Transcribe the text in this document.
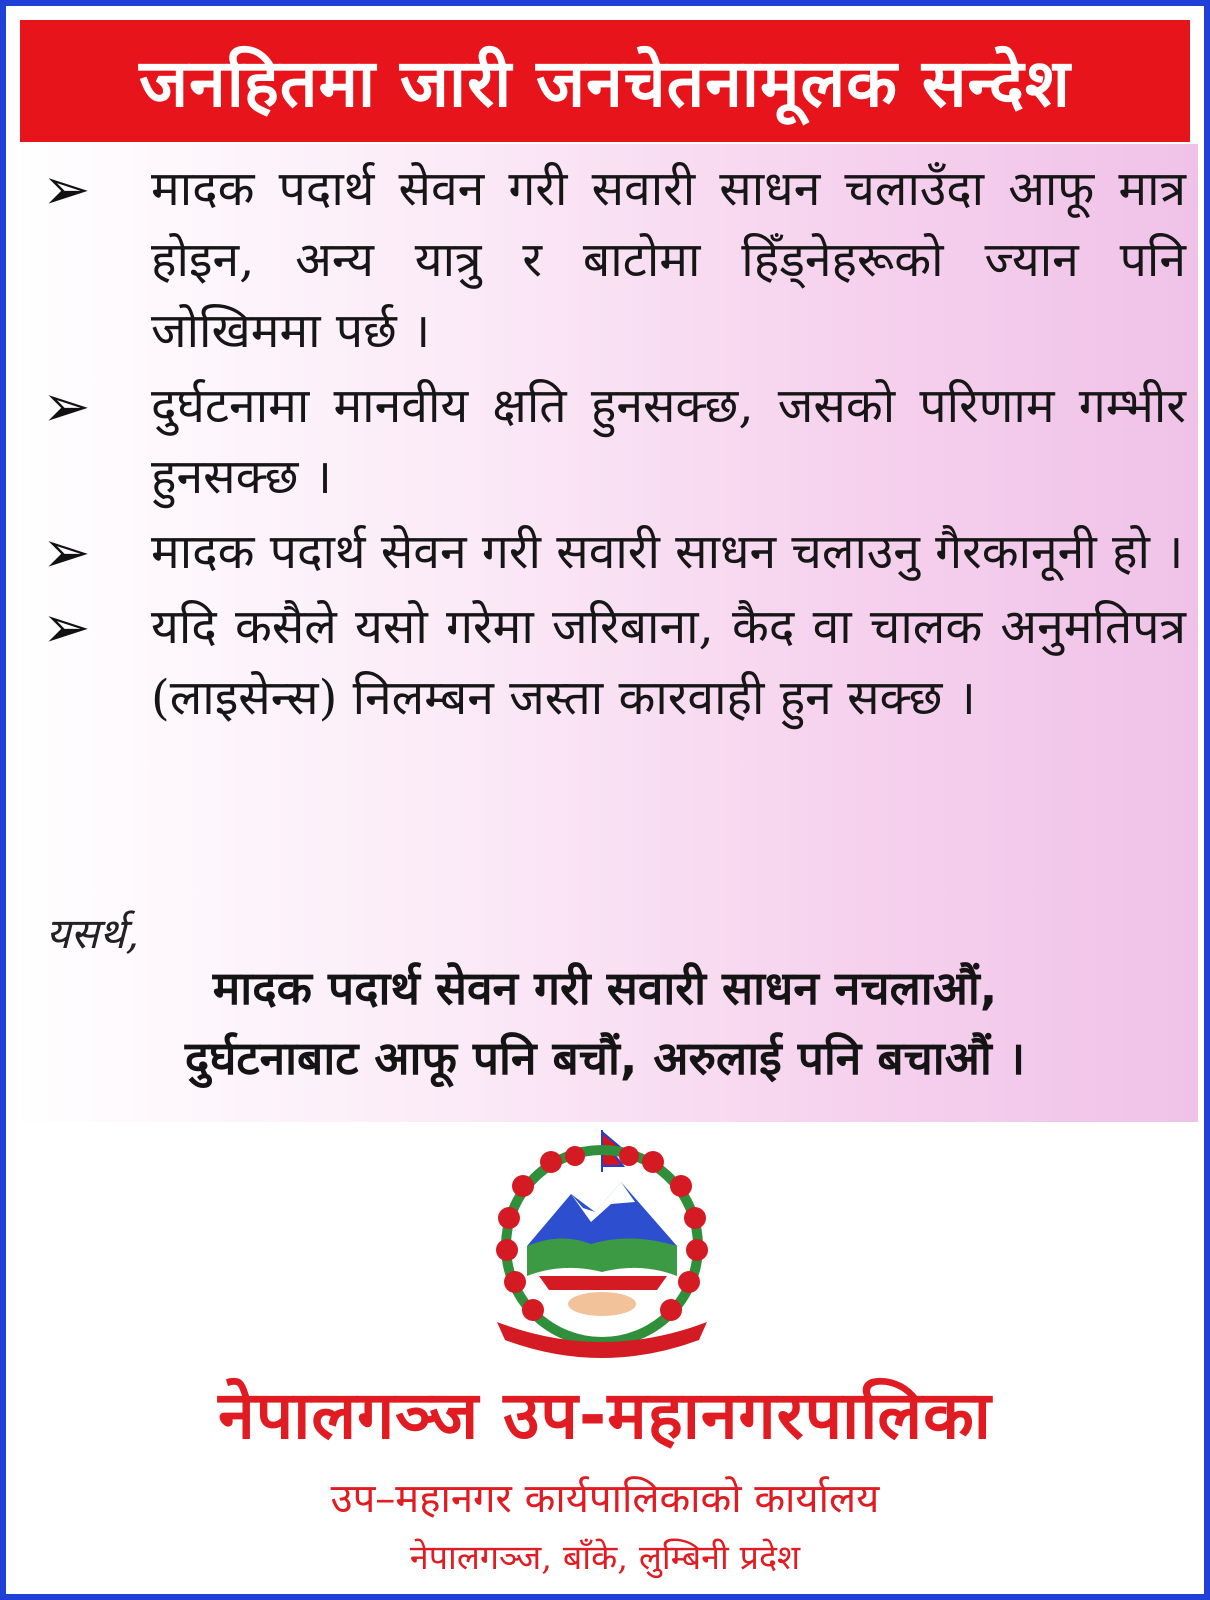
जनहितमा जारी जनचेतनामूलक सन्देश
➢ मादक पदार्थ सेवन गरी सवारी साधन चलाउँदा आफू मात्र होइन, अन्य यात्रु र बाटोमा हिँड्नेहरूको ज्यान पनि जोखिममा पर्छ ।

➢ दुर्घटनामा मानवीय क्षति हुनसक्छ, जसको परिणाम गम्भीर हुनसक्छ ।

➢ मादक पदार्थ सेवन गरी सवारी साधन चलाउनु गैरकानूनी हो ।

➢ यदि कसैले यसो गरेमा जरिबाना, कैद वा चालक अनुमतिपत्र (लाइसेन्स) निलम्बन जस्ता कारवाही हुन सक्छ ।

यसर्थ,
मादक पदार्थ सेवन गरी सवारी साधन नचलाऔं,
दुर्घटनाबाट आफू पनि बचौं, अरुलाई पनि बचाऔं ।
नेपालगञ्ज उप-महानगरपालिका
उप–महानगर कार्यपालिकाको कार्यालय
नेपालगञ्ज, बाँके, लुम्बिनी प्रदेश
